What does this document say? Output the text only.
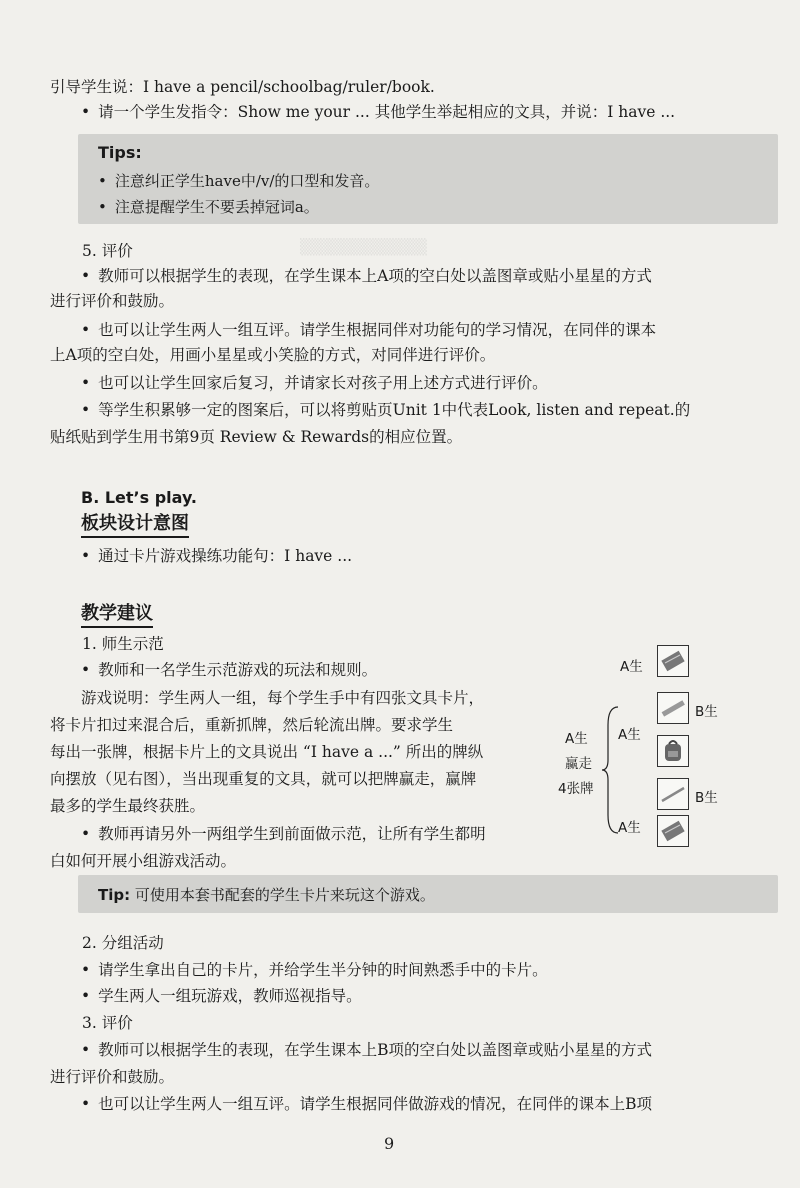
▒▒▒▒▒▒▒▒▒▒▒
引导学生说：I have a pencil/schoolbag/ruler/book.
• 请一个学生发指令：Show me your ... 其他学生举起相应的文具，并说：I have ...
Tips:
• 注意纠正学生have中/v/的口型和发音。
• 注意提醒学生不要丢掉冠词a。
5. 评价
• 教师可以根据学生的表现，在学生课本上A项的空白处以盖图章或贴小星星的方式
进行评价和鼓励。
• 也可以让学生两人一组互评。请学生根据同伴对功能句的学习情况，在同伴的课本
上A项的空白处，用画小星星或小笑脸的方式，对同伴进行评价。
• 也可以让学生回家后复习，并请家长对孩子用上述方式进行评价。
• 等学生积累够一定的图案后，可以将剪贴页Unit 1中代表Look, listen and repeat.的
贴纸贴到学生用书第9页 Review & Rewards的相应位置。
B. Let’s play.
板块设计意图
• 通过卡片游戏操练功能句：I have ...
教学建议
1. 师生示范
• 教师和一名学生示范游戏的玩法和规则。
游戏说明：学生两人一组，每个学生手中有四张文具卡片，
将卡片扣过来混合后，重新抓牌，然后轮流出牌。要求学生
每出一张牌，根据卡片上的文具说出 “I have a ...” 所出的牌纵
向摆放（见右图），当出现重复的文具，就可以把牌赢走，赢牌
最多的学生最终获胜。
• 教师再请另外一两组学生到前面做示范，让所有学生都明
白如何开展小组游戏活动。
A生
B生
A生
A生
赢走
4张牌
B生
A生
Tip: 可使用本套书配套的学生卡片来玩这个游戏。
2. 分组活动
• 请学生拿出自己的卡片，并给学生半分钟的时间熟悉手中的卡片。
• 学生两人一组玩游戏，教师巡视指导。
3. 评价
• 教师可以根据学生的表现，在学生课本上B项的空白处以盖图章或贴小星星的方式
进行评价和鼓励。
• 也可以让学生两人一组互评。请学生根据同伴做游戏的情况，在同伴的课本上B项
9
